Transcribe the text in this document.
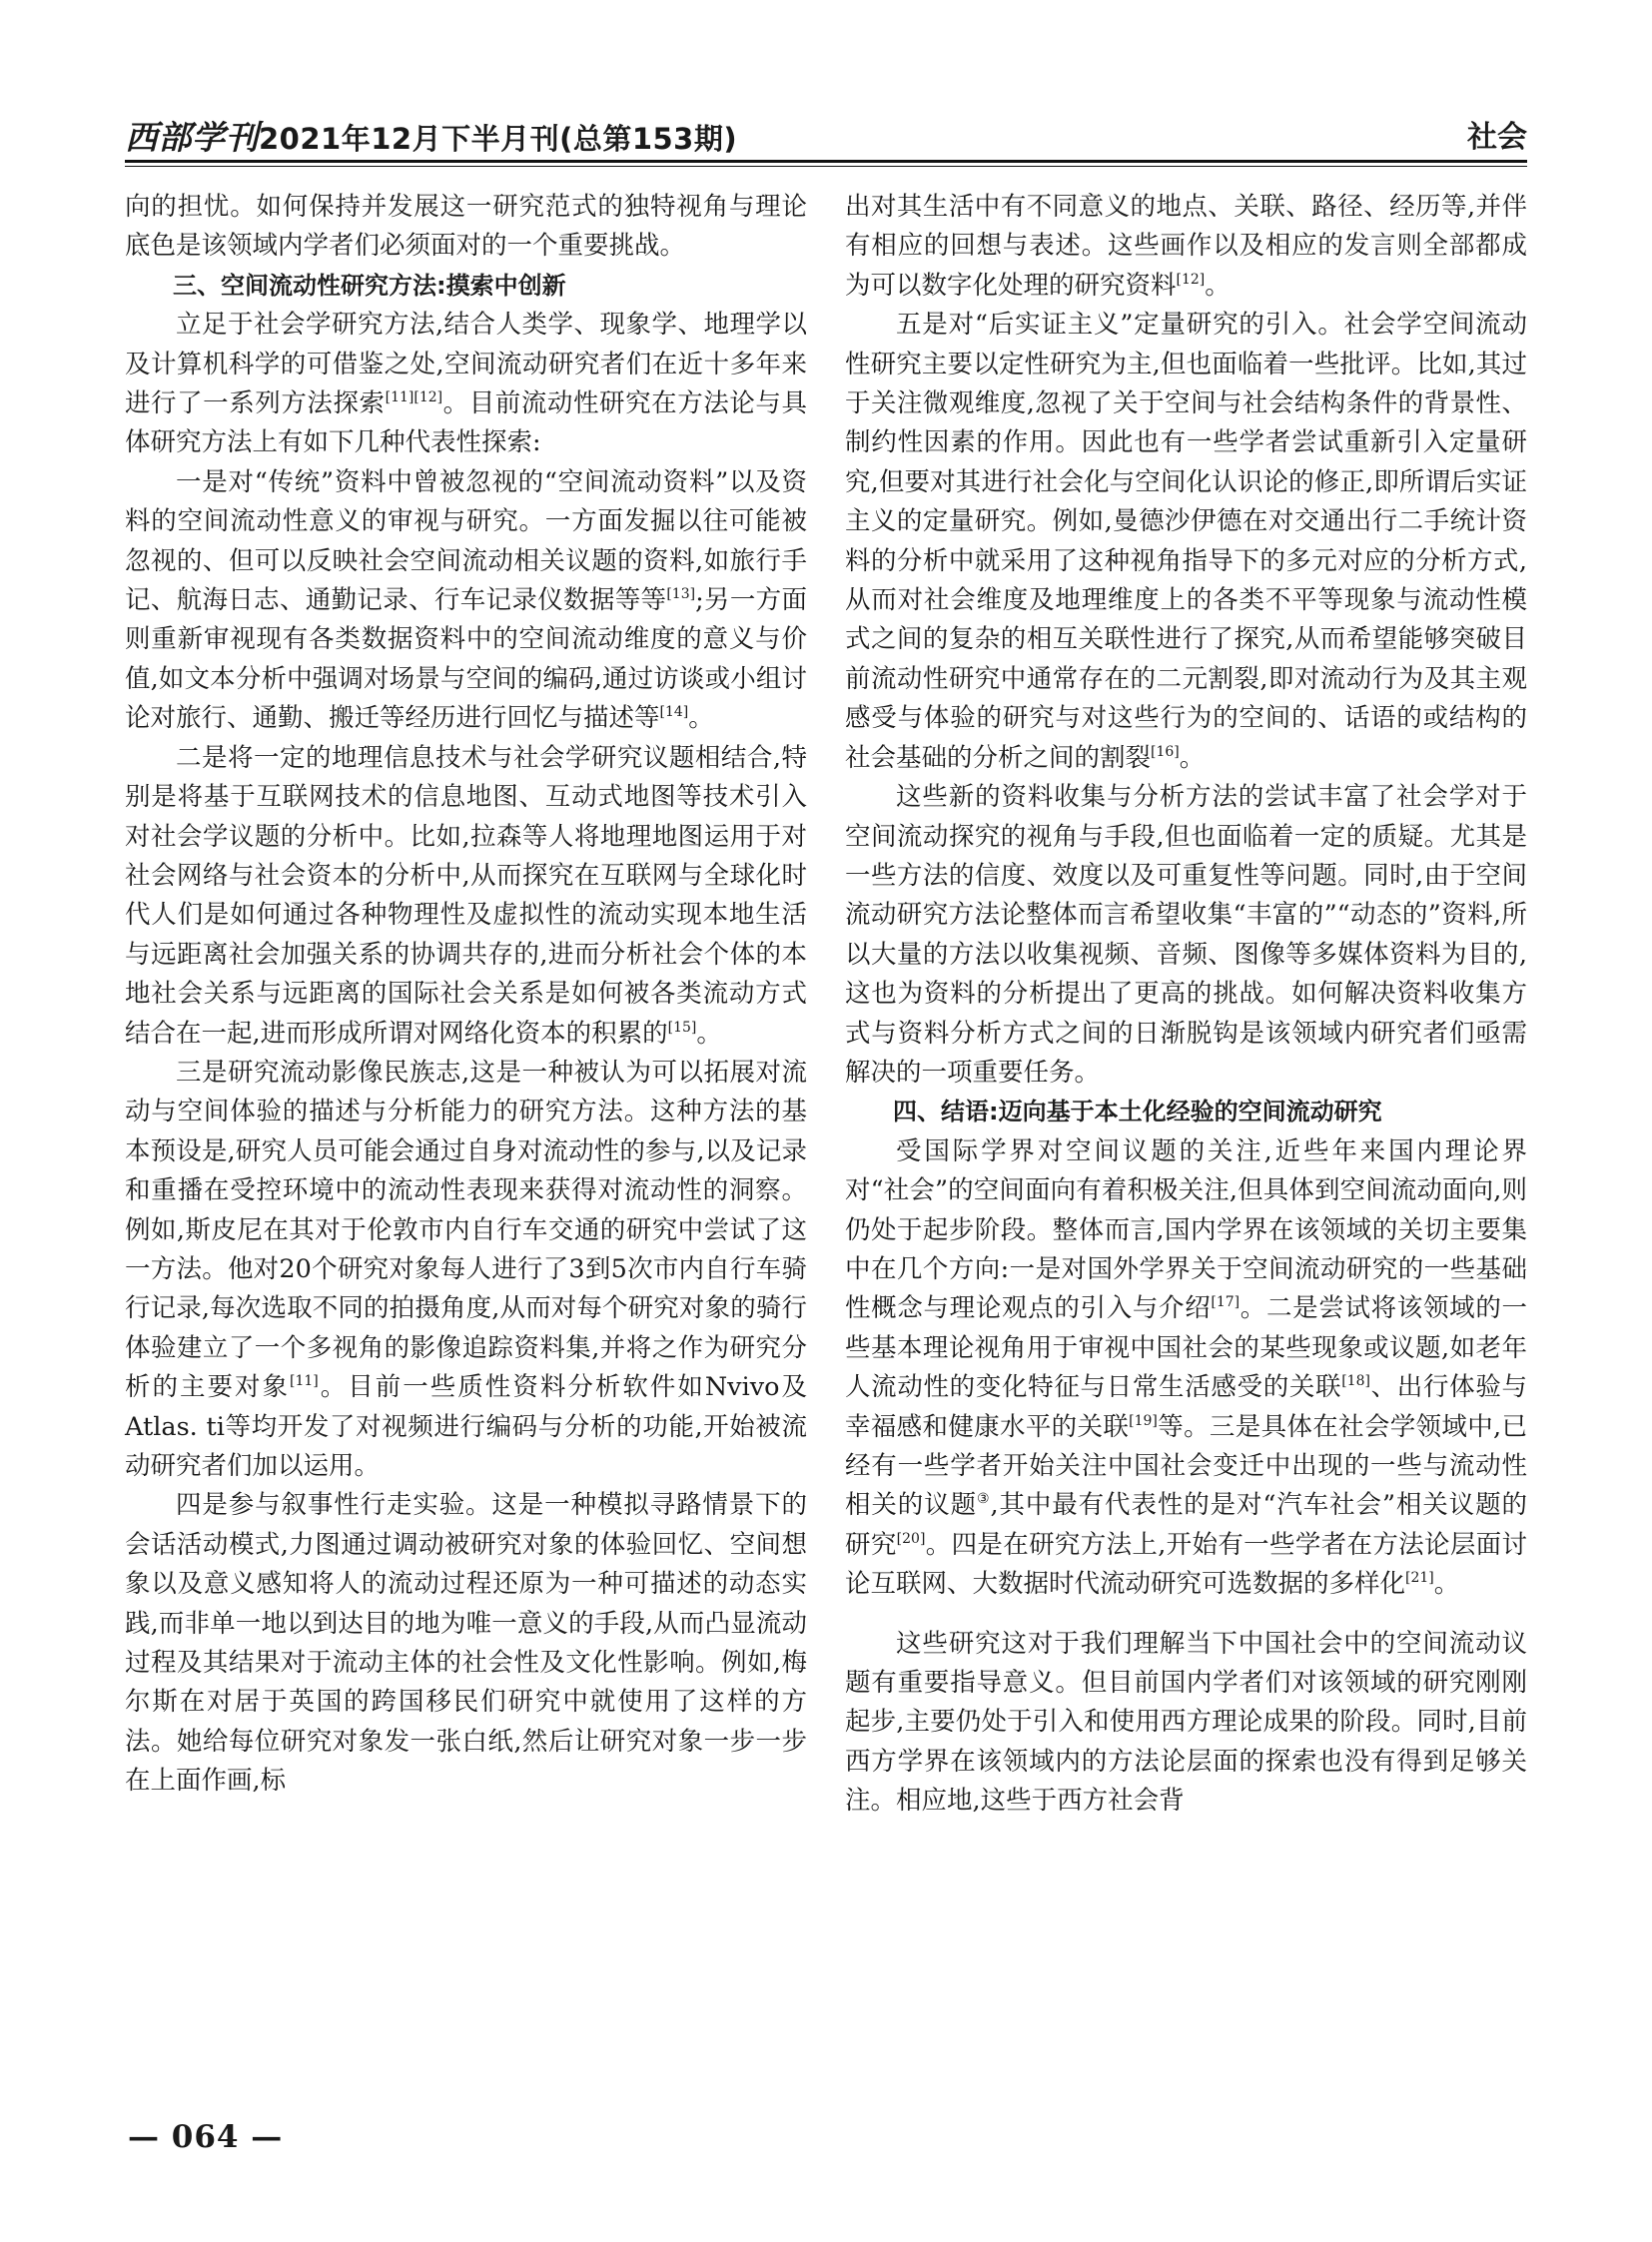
西部学刊2021年12月下半月刊(总第153期)	社会

向的担忧。如何保持并发展这一研究范式的独特视角与理论底色是该领域内学者们必须面对的一个重要挑战。

三、空间流动性研究方法:摸索中创新

立足于社会学研究方法,结合人类学、现象学、地理学以及计算机科学的可借鉴之处,空间流动研究者们在近十多年来进行了一系列方法探索[11][12]。目前流动性研究在方法论与具体研究方法上有如下几种代表性探索:

一是对“传统”资料中曾被忽视的“空间流动资料”以及资料的空间流动性意义的审视与研究。一方面发掘以往可能被忽视的、但可以反映社会空间流动相关议题的资料,如旅行手记、航海日志、通勤记录、行车记录仪数据等等[13];另一方面则重新审视现有各类数据资料中的空间流动维度的意义与价值,如文本分析中强调对场景与空间的编码,通过访谈或小组讨论对旅行、通勤、搬迁等经历进行回忆与描述等[14]。

二是将一定的地理信息技术与社会学研究议题相结合,特别是将基于互联网技术的信息地图、互动式地图等技术引入对社会学议题的分析中。比如,拉森等人将地理地图运用于对社会网络与社会资本的分析中,从而探究在互联网与全球化时代人们是如何通过各种物理性及虚拟性的流动实现本地生活与远距离社会加强关系的协调共存的,进而分析社会个体的本地社会关系与远距离的国际社会关系是如何被各类流动方式结合在一起,进而形成所谓对网络化资本的积累的[15]。

三是研究流动影像民族志,这是一种被认为可以拓展对流动与空间体验的描述与分析能力的研究方法。这种方法的基本预设是,研究人员可能会通过自身对流动性的参与,以及记录和重播在受控环境中的流动性表现来获得对流动性的洞察。例如,斯皮尼在其对于伦敦市内自行车交通的研究中尝试了这一方法。他对20个研究对象每人进行了3到5次市内自行车骑行记录,每次选取不同的拍摄角度,从而对每个研究对象的骑行体验建立了一个多视角的影像追踪资料集,并将之作为研究分析的主要对象[11]。目前一些质性资料分析软件如Nvivo及Atlas. ti等均开发了对视频进行编码与分析的功能,开始被流动研究者们加以运用。

四是参与叙事性行走实验。这是一种模拟寻路情景下的会话活动模式,力图通过调动被研究对象的体验回忆、空间想象以及意义感知将人的流动过程还原为一种可描述的动态实践,而非单一地以到达目的地为唯一意义的手段,从而凸显流动过程及其结果对于流动主体的社会性及文化性影响。例如,梅尔斯在对居于英国的跨国移民们研究中就使用了这样的方法。她给每位研究对象发一张白纸,然后让研究对象一步一步在上面作画,标

出对其生活中有不同意义的地点、关联、路径、经历等,并伴有相应的回想与表述。这些画作以及相应的发言则全部都成为可以数字化处理的研究资料[12]。

五是对“后实证主义”定量研究的引入。社会学空间流动性研究主要以定性研究为主,但也面临着一些批评。比如,其过于关注微观维度,忽视了关于空间与社会结构条件的背景性、制约性因素的作用。因此也有一些学者尝试重新引入定量研究,但要对其进行社会化与空间化认识论的修正,即所谓后实证主义的定量研究。例如,曼德沙伊德在对交通出行二手统计资料的分析中就采用了这种视角指导下的多元对应的分析方式,从而对社会维度及地理维度上的各类不平等现象与流动性模式之间的复杂的相互关联性进行了探究,从而希望能够突破目前流动性研究中通常存在的二元割裂,即对流动行为及其主观感受与体验的研究与对这些行为的空间的、话语的或结构的社会基础的分析之间的割裂[16]。

这些新的资料收集与分析方法的尝试丰富了社会学对于空间流动探究的视角与手段,但也面临着一定的质疑。尤其是一些方法的信度、效度以及可重复性等问题。同时,由于空间流动研究方法论整体而言希望收集“丰富的”“动态的”资料,所以大量的方法以收集视频、音频、图像等多媒体资料为目的,这也为资料的分析提出了更高的挑战。如何解决资料收集方式与资料分析方式之间的日渐脱钩是该领域内研究者们亟需解决的一项重要任务。

四、结语:迈向基于本土化经验的空间流动研究

受国际学界对空间议题的关注,近些年来国内理论界对“社会”的空间面向有着积极关注,但具体到空间流动面向,则仍处于起步阶段。整体而言,国内学界在该领域的关切主要集中在几个方向:一是对国外学界关于空间流动研究的一些基础性概念与理论观点的引入与介绍[17]。二是尝试将该领域的一些基本理论视角用于审视中国社会的某些现象或议题,如老年人流动性的变化特征与日常生活感受的关联[18]、出行体验与幸福感和健康水平的关联[19]等。三是具体在社会学领域中,已经有一些学者开始关注中国社会变迁中出现的一些与流动性相关的议题③,其中最有代表性的是对“汽车社会”相关议题的研究[20]。四是在研究方法上,开始有一些学者在方法论层面讨论互联网、大数据时代流动研究可选数据的多样化[21]。

这些研究这对于我们理解当下中国社会中的空间流动议题有重要指导意义。但目前国内学者们对该领域的研究刚刚起步,主要仍处于引入和使用西方理论成果的阶段。同时,目前西方学界在该领域内的方法论层面的探索也没有得到足够关注。相应地,这些于西方社会背

— 064 —
